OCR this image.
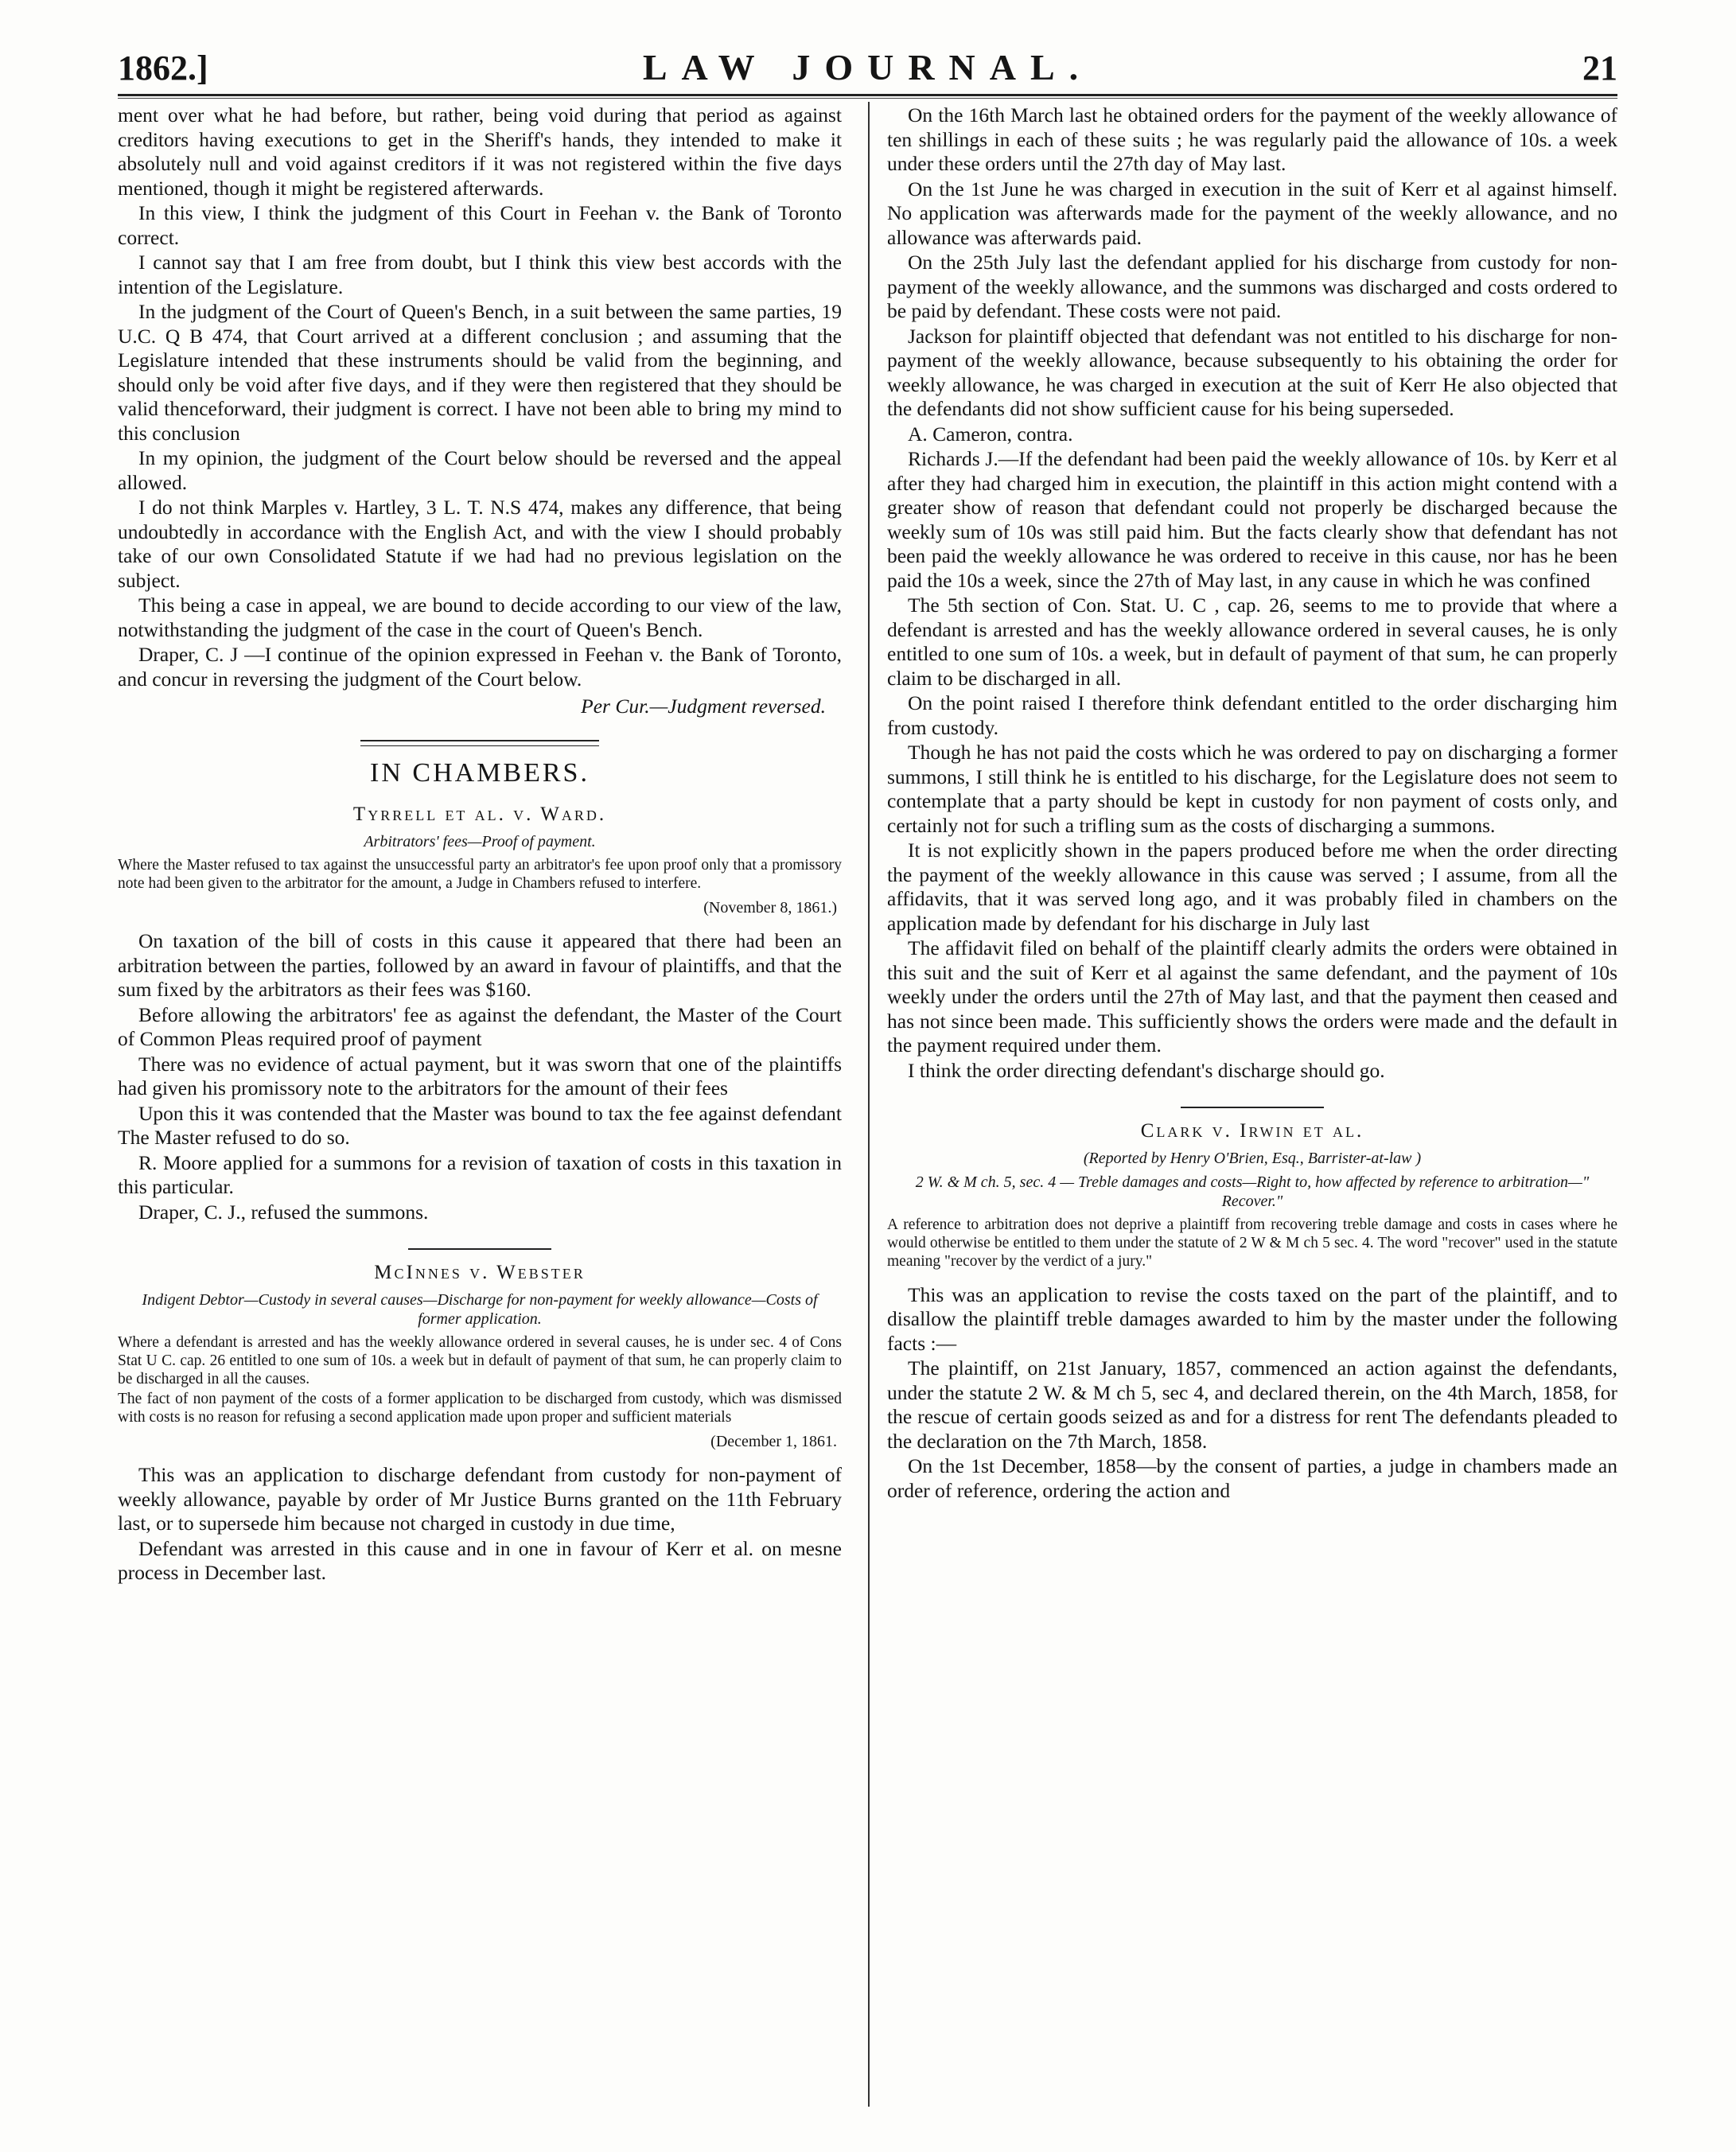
1862.]	LAW JOURNAL.	21

ment over what he had before, but rather, being void during that period as against creditors having executions to get in the Sheriff's hands, they intended to make it absolutely null and void against creditors if it was not registered within the five days mentioned, though it might be registered afterwards.

In this view, I think the judgment of this Court in Feehan v. the Bank of Toronto correct.

I cannot say that I am free from doubt, but I think this view best accords with the intention of the Legislature.

In the judgment of the Court of Queen's Bench, in a suit between the same parties, 19 U.C. Q B 474, that Court arrived at a different conclusion ; and assuming that the Legislature intended that these instruments should be valid from the beginning, and should only be void after five days, and if they were then registered that they should be valid thenceforward, their judgment is correct. I have not been able to bring my mind to this conclusion

In my opinion, the judgment of the Court below should be reversed and the appeal allowed.

I do not think Marples v. Hartley, 3 L. T. N.S 474, makes any difference, that being undoubtedly in accordance with the English Act, and with the view I should probably take of our own Consolidated Statute if we had had no previous legislation on the subject.

This being a case in appeal, we are bound to decide according to our view of the law, notwithstanding the judgment of the case in the court of Queen's Bench.

Draper, C. J —I continue of the opinion expressed in Feehan v. the Bank of Toronto, and concur in reversing the judgment of the Court below.

Per Cur.—Judgment reversed.
IN CHAMBERS.
Tyrrell et al. v. Ward.
Arbitrators' fees—Proof of payment.
Where the Master refused to tax against the unsuccessful party an arbitrator's fee upon proof only that a promissory note had been given to the arbitrator for the amount, a Judge in Chambers refused to interfere.
(November 8, 1861.)

On taxation of the bill of costs in this cause it appeared that there had been an arbitration between the parties, followed by an award in favour of plaintiffs, and that the sum fixed by the arbitrators as their fees was $160.

Before allowing the arbitrators' fee as against the defendant, the Master of the Court of Common Pleas required proof of payment

There was no evidence of actual payment, but it was sworn that one of the plaintiffs had given his promissory note to the arbitrators for the amount of their fees

Upon this it was contended that the Master was bound to tax the fee against defendant The Master refused to do so.

R. Moore applied for a summons for a revision of taxation of costs in this taxation in this particular.

Draper, C. J., refused the summons.

McInnes v. Webster
Indigent Debtor—Custody in several causes—Discharge for non-payment for weekly allowance—Costs of former application.
Where a defendant is arrested and has the weekly allowance ordered in several causes, he is under sec. 4 of Cons Stat U C. cap. 26 entitled to one sum of 10s. a week but in default of payment of that sum, he can properly claim to be discharged in all the causes.
The fact of non payment of the costs of a former application to be discharged from custody, which was dismissed with costs is no reason for refusing a second application made upon proper and sufficient materials
(December 1, 1861.

This was an application to discharge defendant from custody for non-payment of weekly allowance, payable by order of Mr Justice Burns granted on the 11th February last, or to supersede him because not charged in custody in due time,

Defendant was arrested in this cause and in one in favour of Kerr et al. on mesne process in December last.

On the 16th March last he obtained orders for the payment of the weekly allowance of ten shillings in each of these suits ; he was regularly paid the allowance of 10s. a week under these orders until the 27th day of May last.

On the 1st June he was charged in execution in the suit of Kerr et al against himself. No application was afterwards made for the payment of the weekly allowance, and no allowance was afterwards paid.

On the 25th July last the defendant applied for his discharge from custody for non-payment of the weekly allowance, and the summons was discharged and costs ordered to be paid by defendant. These costs were not paid.

Jackson for plaintiff objected that defendant was not entitled to his discharge for non-payment of the weekly allowance, because subsequently to his obtaining the order for weekly allowance, he was charged in execution at the suit of Kerr He also objected that the defendants did not show sufficient cause for his being superseded.

A. Cameron, contra.

Richards J.—If the defendant had been paid the weekly allowance of 10s. by Kerr et al after they had charged him in execution, the plaintiff in this action might contend with a greater show of reason that defendant could not properly be discharged because the weekly sum of 10s was still paid him. But the facts clearly show that defendant has not been paid the weekly allowance he was ordered to receive in this cause, nor has he been paid the 10s a week, since the 27th of May last, in any cause in which he was confined

The 5th section of Con. Stat. U. C , cap. 26, seems to me to provide that where a defendant is arrested and has the weekly allowance ordered in several causes, he is only entitled to one sum of 10s. a week, but in default of payment of that sum, he can properly claim to be discharged in all.

On the point raised I therefore think defendant entitled to the order discharging him from custody.

Though he has not paid the costs which he was ordered to pay on discharging a former summons, I still think he is entitled to his discharge, for the Legislature does not seem to contemplate that a party should be kept in custody for non payment of costs only, and certainly not for such a trifling sum as the costs of discharging a summons.

It is not explicitly shown in the papers produced before me when the order directing the payment of the weekly allowance in this cause was served ; I assume, from all the affidavits, that it was served long ago, and it was probably filed in chambers on the application made by defendant for his discharge in July last

The affidavit filed on behalf of the plaintiff clearly admits the orders were obtained in this suit and the suit of Kerr et al against the same defendant, and the payment of 10s weekly under the orders until the 27th of May last, and that the payment then ceased and has not since been made. This sufficiently shows the orders were made and the default in the payment required under them.

I think the order directing defendant's discharge should go.

Clark v. Irwin et al.
(Reported by Henry O'Brien, Esq., Barrister-at-law )
2 W. & M ch. 5, sec. 4 — Treble damages and costs—Right to, how affected by reference to arbitration—" Recover."
A reference to arbitration does not deprive a plaintiff from recovering treble damage and costs in cases where he would otherwise be entitled to them under the statute of 2 W & M ch 5 sec. 4. The word "recover" used in the statute meaning "recover by the verdict of a jury."

This was an application to revise the costs taxed on the part of the plaintiff, and to disallow the plaintiff treble damages awarded to him by the master under the following facts :—

The plaintiff, on 21st January, 1857, commenced an action against the defendants, under the statute 2 W. & M ch 5, sec 4, and declared therein, on the 4th March, 1858, for the rescue of certain goods seized as and for a distress for rent The defendants pleaded to the declaration on the 7th March, 1858.

On the 1st December, 1858—by the consent of parties, a judge in chambers made an order of reference, ordering the action and
